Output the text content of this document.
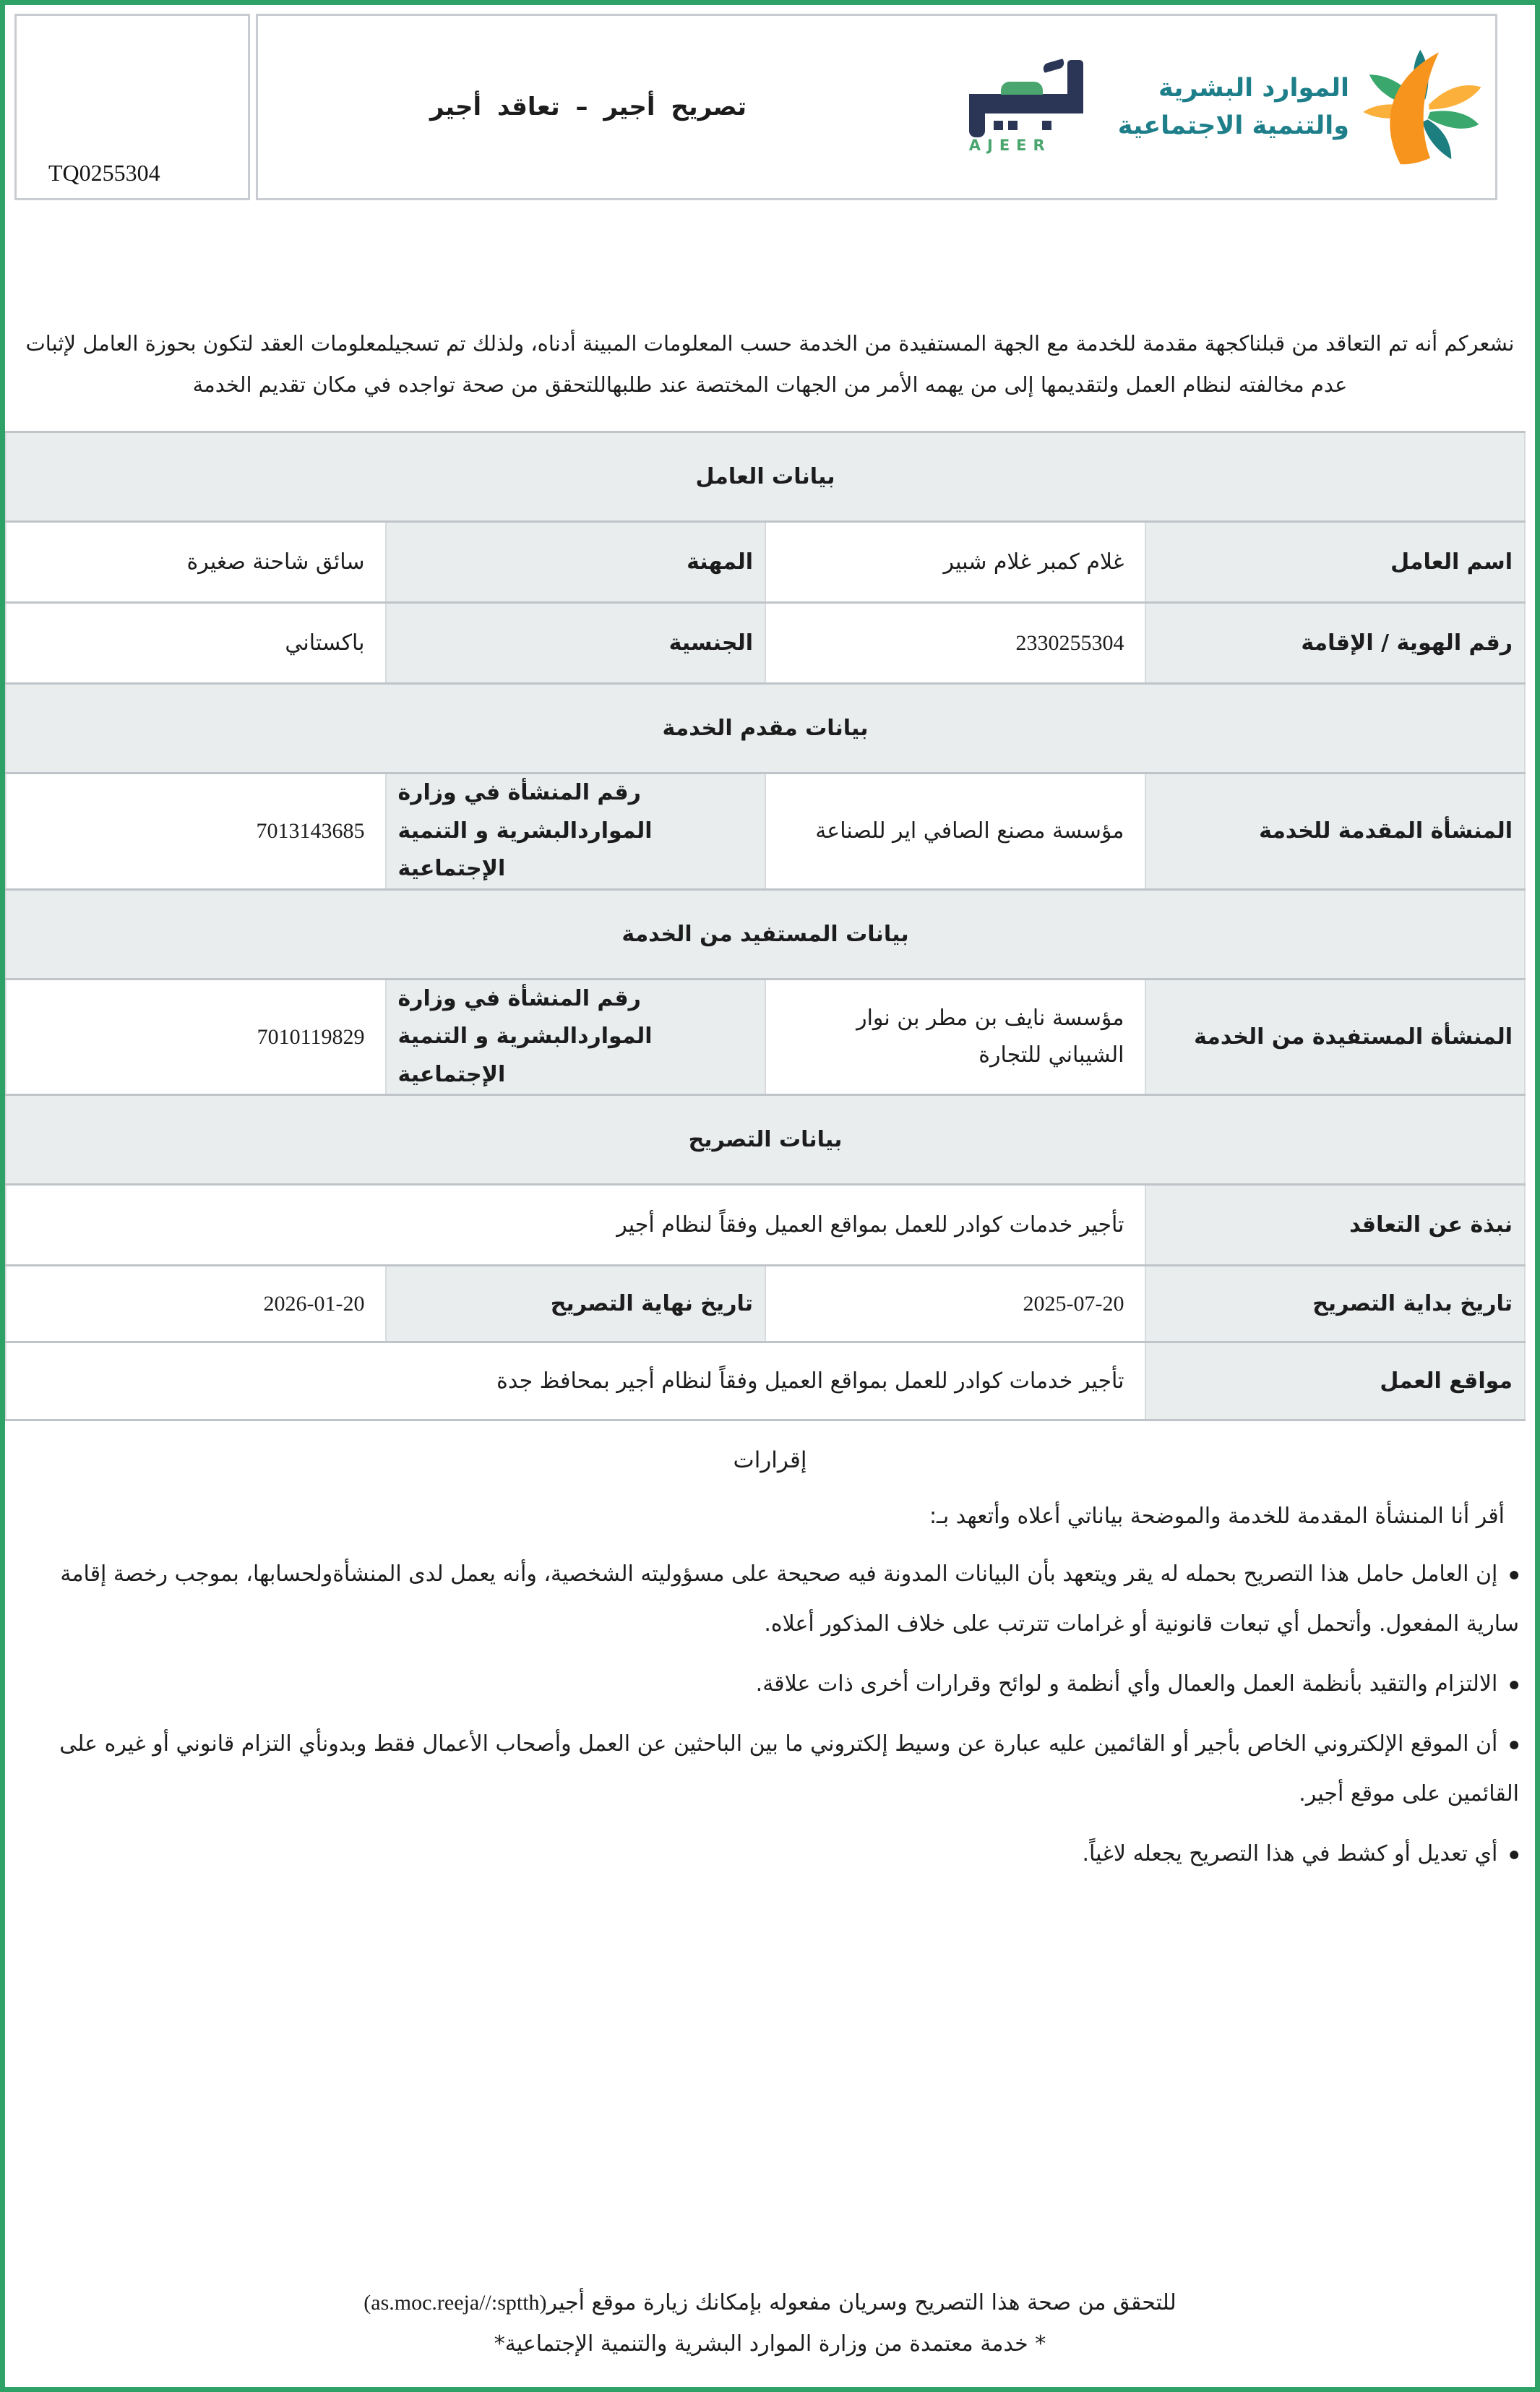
TQ0255304
تصريح أجير – تعاقد أجير
AJEER
الموارد البشرية
والتنمية الاجتماعية

نشعركم أنه تم التعاقد من قبلناكجهة مقدمة للخدمة مع الجهة المستفيدة من الخدمة حسب المعلومات المبينة أدناه، ولذلك تم تسجيلمعلومات العقد لتكون بحوزة العامل لإثبات عدم مخالفته لنظام العمل ولتقديمها إلى من يهمه الأمر من الجهات المختصة عند طلبهاللتحقق من صحة تواجده في مكان تقديم الخدمة

بيانات العامل			
اسم العامل	غلام كمبر غلام شبير	المهنة	سائق شاحنة صغيرة
رقم الهوية / الإقامة	2330255304	الجنسية	باكستاني
بيانات مقدم الخدمة			
المنشأة المقدمة للخدمة	مؤسسة مصنع الصافي اير للصناعة	رقم المنشأة في وزارة المواردالبشرية و التنمية الإجتماعية	7013143685
بيانات المستفيد من الخدمة			
المنشأة المستفيدة من الخدمة	مؤسسة نايف بن مطر بن نوار الشيباني للتجارة	رقم المنشأة في وزارة المواردالبشرية و التنمية الإجتماعية	7010119829
بيانات التصريح			
نبذة عن التعاقد	تأجير خدمات كوادر للعمل بمواقع العميل وفقاً لنظام أجير		
تاريخ بداية التصريح	2025-07-20	تاريخ نهاية التصريح	2026-01-20
مواقع العمل	تأجير خدمات كوادر للعمل بمواقع العميل وفقاً لنظام أجير بمحافظ جدة		
إقرارات

أقر أنا المنشأة المقدمة للخدمة والموضحة بياناتي أعلاه وأتعهد بـ:

● إن العامل حامل هذا التصريح بحمله له يقر ويتعهد بأن البيانات المدونة فيه صحيحة على مسؤوليته الشخصية، وأنه يعمل لدى المنشأةولحسابها، بموجب رخصة إقامة سارية المفعول. وأتحمل أي تبعات قانونية أو غرامات تترتب على خلاف المذكور أعلاه.
● الالتزام والتقيد بأنظمة العمل والعمال وأي أنظمة و لوائح وقرارات أخرى ذات علاقة.
● أن الموقع الإلكتروني الخاص بأجير أو القائمين عليه عبارة عن وسيط إلكتروني ما بين الباحثين عن العمل وأصحاب الأعمال فقط وبدونأي التزام قانوني أو غيره على القائمين على موقع أجير.
● أي تعديل أو كشط في هذا التصريح يجعله لاغياً.
للتحقق من صحة هذا التصريح وسريان مفعوله بإمكانك زيارة موقع أجير(as.moc.reeja//:sptth)
* خدمة معتمدة من وزارة الموارد البشرية والتنمية الإجتماعية*
